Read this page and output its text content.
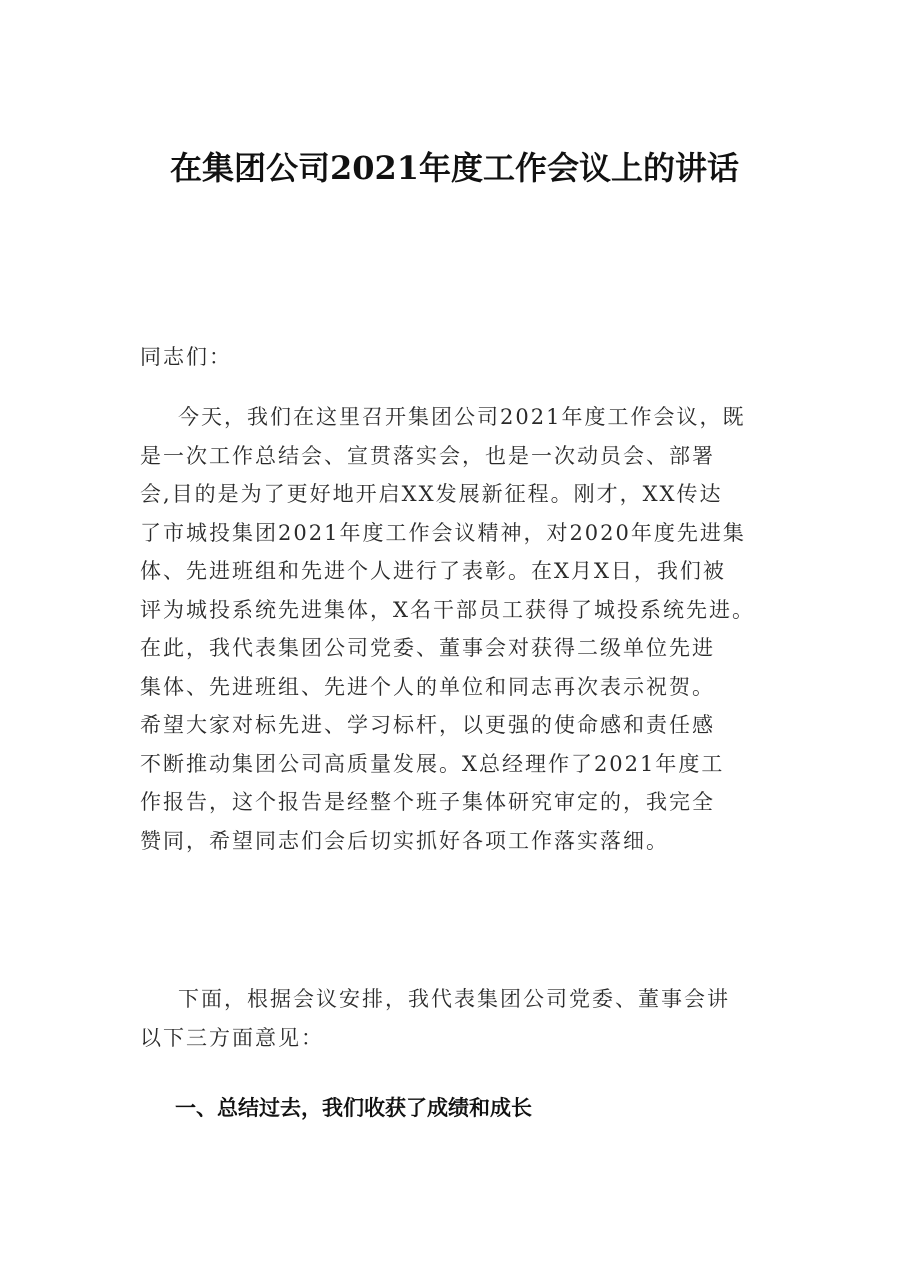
在集团公司2021年度工作会议上的讲话

同志们：

今天，我们在这里召开集团公司2021年度工作会议，既
是一次工作总结会、宣贯落实会，也是一次动员会、部署
会,目的是为了更好地开启XX发展新征程。刚才，XX传达
了市城投集团2021年度工作会议精神，对2020年度先进集
体、先进班组和先进个人进行了表彰。在X月X日，我们被
评为城投系统先进集体，X名干部员工获得了城投系统先进。
在此，我代表集团公司党委、董事会对获得二级单位先进
集体、先进班组、先进个人的单位和同志再次表示祝贺。
希望大家对标先进、学习标杆，以更强的使命感和责任感
不断推动集团公司高质量发展。X总经理作了2021年度工
作报告，这个报告是经整个班子集体研究审定的，我完全
赞同，希望同志们会后切实抓好各项工作落实落细。
下面，根据会议安排，我代表集团公司党委、董事会讲
以下三方面意见：
一、总结过去，我们收获了成绩和成长
